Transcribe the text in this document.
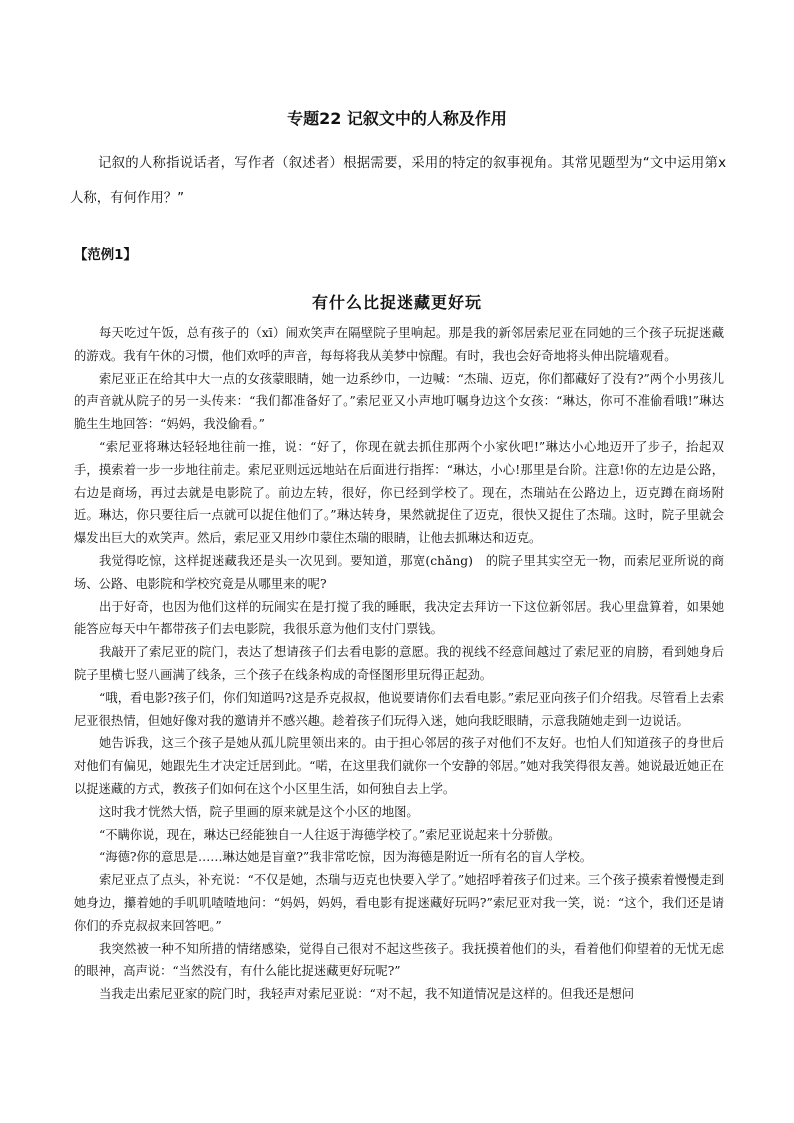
专题22 记叙文中的人称及作用

记叙的人称指说话者，写作者（叙述者）根据需要，采用的特定的叙事视角。其常见题型为“文中运用第x人称，有何作用？”

【范例1】
有什么比捉迷藏更好玩

每天吃过午饭，总有孩子的（xī）闹欢笑声在隔壁院子里响起。那是我的新邻居索尼亚在同她的三个孩子玩捉迷藏的游戏。我有午休的习惯，他们欢呼的声音，每每将我从美梦中惊醒。有时，我也会好奇地将头伸出院墙观看。

索尼亚正在给其中大一点的女孩蒙眼睛，她一边系纱巾，一边喊：“杰瑞、迈克，你们都藏好了没有?”两个小男孩儿的声音就从院子的另一头传来：“我们都准备好了。”索尼亚又小声地叮嘱身边这个女孩：“琳达，你可不准偷看哦!”琳达脆生生地回答：“妈妈，我没偷看。”

“索尼亚将琳达轻轻地往前一推，说：“好了，你现在就去抓住那两个小家伙吧!”琳达小心地迈开了步子，抬起双手，摸索着一步一步地往前走。索尼亚则远远地站在后面进行指挥：“琳达，小心!那里是台阶。注意!你的左边是公路，右边是商场，再过去就是电影院了。前边左转，很好，你已经到学校了。现在，杰瑞站在公路边上，迈克蹲在商场附近。琳达，你只要往后一点就可以捉住他们了。”琳达转身，果然就捉住了迈克，很快又捉住了杰瑞。这时，院子里就会爆发出巨大的欢笑声。然后，索尼亚又用纱巾蒙住杰瑞的眼睛，让他去抓琳达和迈克。

我觉得吃惊，这样捉迷藏我还是头一次见到。要知道，那宽(chǎng)　的院子里其实空无一物，而索尼亚所说的商场、公路、电影院和学校究竟是从哪里来的呢?

出于好奇，也因为他们这样的玩闹实在是打搅了我的睡眠，我决定去拜访一下这位新邻居。我心里盘算着，如果她能答应每天中午都带孩子们去电影院，我很乐意为他们支付门票钱。

我敲开了索尼亚的院门，表达了想请孩子们去看电影的意愿。我的视线不经意间越过了索尼亚的肩膀，看到她身后院子里横七竖八画满了线条，三个孩子在线条构成的奇怪图形里玩得正起劲。

“哦，看电影?孩子们，你们知道吗?这是乔克叔叔，他说要请你们去看电影。”索尼亚向孩子们介绍我。尽管看上去索尼亚很热情，但她好像对我的邀请并不感兴趣。趁着孩子们玩得入迷，她向我眨眼睛，示意我随她走到一边说话。

她告诉我，这三个孩子是她从孤儿院里领出来的。由于担心邻居的孩子对他们不友好。也怕人们知道孩子的身世后对他们有偏见，她跟先生才决定迁居到此。“喏，在这里我们就你一个安静的邻居。”她对我笑得很友善。她说最近她正在以捉迷藏的方式，教孩子们如何在这个小区里生活，如何独自去上学。

这时我才恍然大悟，院子里画的原来就是这个小区的地图。

“不瞒你说，现在，琳达已经能独自一人往返于海德学校了。”索尼亚说起来十分骄傲。

“海德?你的意思是……琳达她是盲童?”我非常吃惊，因为海德是附近一所有名的盲人学校。

索尼亚点了点头，补充说：“不仅是她，杰瑞与迈克也快要入学了。”她招呼着孩子们过来。三个孩子摸索着慢慢走到她身边，攥着她的手叽叽喳喳地问：“妈妈，妈妈，看电影有捉迷藏好玩吗?”索尼亚对我一笑，说：“这个，我们还是请你们的乔克叔叔来回答吧。”

我突然被一种不知所措的情绪感染，觉得自己很对不起这些孩子。我抚摸着他们的头，看着他们仰望着的无忧无虑的眼神，高声说：“当然没有，有什么能比捉迷藏更好玩呢?”

当我走出索尼亚家的院门时，我轻声对索尼亚说：“对不起，我不知道情况是这样的。但我还是想问
